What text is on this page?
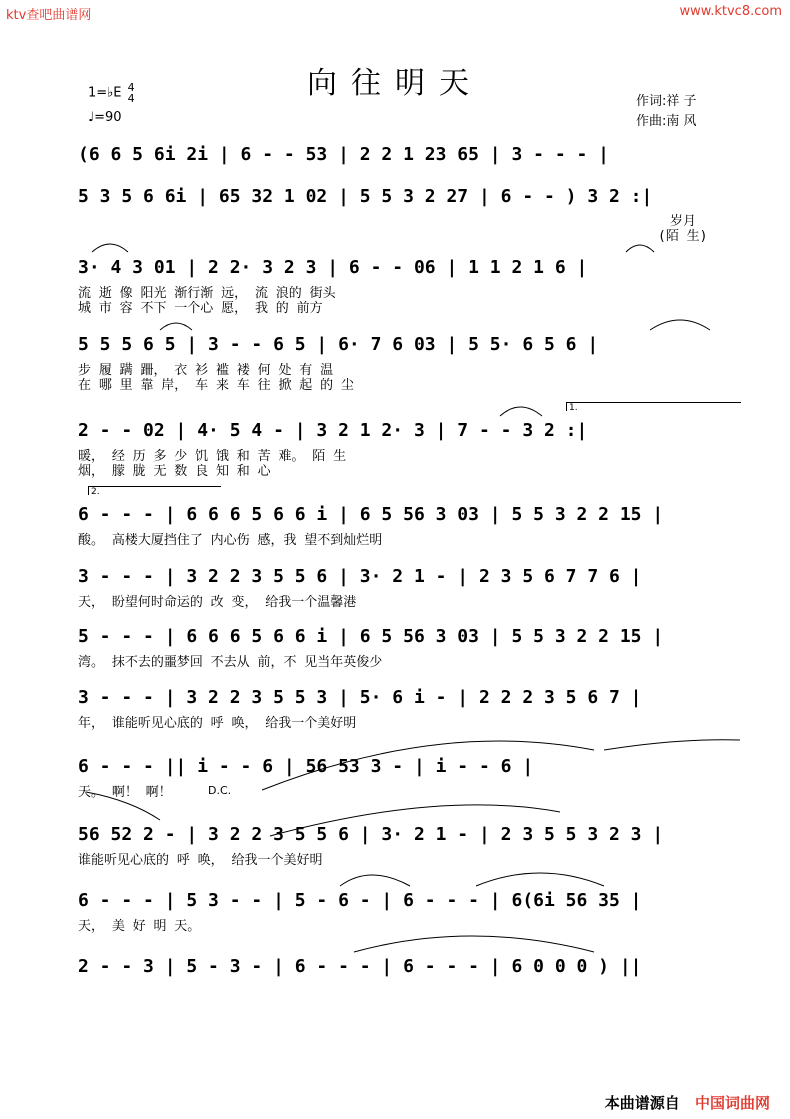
ktv查吧曲谱网	www.ktvc8.com
向往明天
1=♭E 4
4
♩=90
作词:祥 子
作曲:南 风
(6 6 5 6i 2i | 6 - - 53 | 2 2 1 23 65 | 3 - - - |
5 3 5 6 6i | 65 32 1 02 | 5 5 3 2 27 | 6 - - ) 3 2 :|
岁月
(陌 生)
3· 4 3 01 | 2 2· 3 2 3 | 6 - - 06 | 1 1 2 1 6 |
流 逝 像 阳光 渐行渐 远， 流 浪的 街头
城 市 容 不下 一个心 愿， 我 的 前方
5 5 5 6 5 | 3 - - 6 5 | 6· 7 6 03 | 5 5· 6 5 6 |
步 履 蹒 跚， 衣 衫 褴 褛 何 处 有 温
在 哪 里 靠 岸， 车 来 车 往 掀 起 的 尘
1.
2 - - 02 | 4· 5 4 - | 3 2 1 2· 3 | 7 - - 3 2 :|
暖， 经 历 多 少 饥 饿 和 苦 难。 陌 生
烟， 朦 胧 无 数 良 知 和 心
2.
6 - - - | 6 6 6 5 6 6 i | 6 5 56 3 03 | 5 5 3 2 2 15 |
酸。 高楼大厦挡住了 内心伤 感，我 望不到灿烂明
3 - - - | 3 2 2 3 5 5 6 | 3· 2 1 - | 2 3 5 6 7 7 6 |
天， 盼望何时命运的 改 变， 给我一个温馨港
5 - - - | 6 6 6 5 6 6 i | 6 5 56 3 03 | 5 5 3 2 2 15 |
湾。 抹不去的噩梦回 不去从 前，不 见当年英俊少
3 - - - | 3 2 2 3 5 5 3 | 5· 6 i - | 2 2 2 3 5 6 7 |
年， 谁能听见心底的 呼 唤， 给我一个美好明
6 - - - || i - - 6 | 56 53 3 - | i - - 6 |
天。 啊！ 啊！	D.C.
56 52 2 - | 3 2 2 3 5 5 6 | 3· 2 1 - | 2 3 5 5 3 2 3 |
谁能听见心底的 呼 唤， 给我一个美好明
6 - - - | 5 3 - - | 5 - 6 - | 6 - - - | 6(6i 56 35 |
天， 美 好 明 天。
2 - - 3 | 5 - 3 - | 6 - - - | 6 - - - | 6 0 0 0 ) ||
本曲谱源自 中国词曲网
